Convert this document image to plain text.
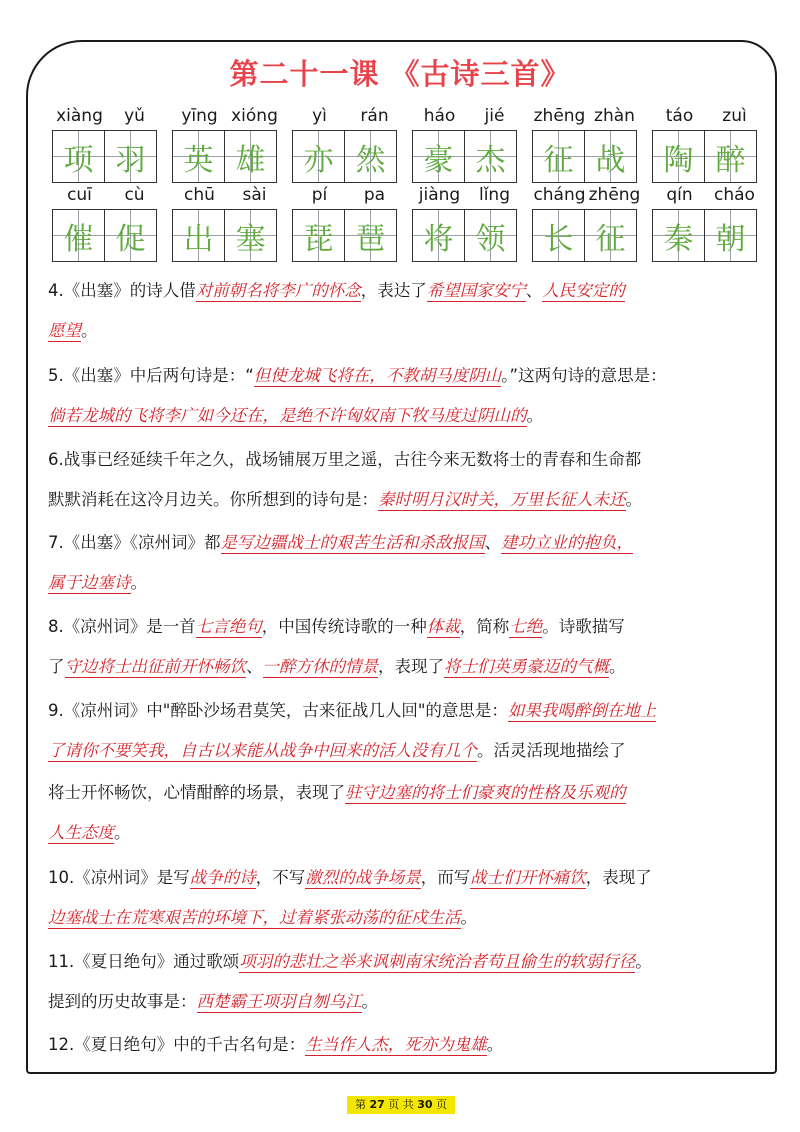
第二十一课 《古诗三首》
xiàng	yǔ
项 羽
yīng xióng
英 雄
yì	rán
亦 然
háo	jié
豪 杰
zhēng zhàn
征 战
táo	zuì
陶 醉
cuī	cù
催 促
chū	sài
出 塞
pí	pa
琵 琶
jiàng	lǐng
将 领
cháng zhēng
长 征
qín	cháo
秦 朝
4.《出塞》的诗人借对前朝名将李广的怀念，表达了希望国家安宁、人民安定的
愿望。
5.《出塞》中后两句诗是：“但使龙城飞将在，不教胡马度阴山。”这两句诗的意思是：
倘若龙城的飞将李广如今还在，是绝不许匈奴南下牧马度过阴山的。
6.战事已经延续千年之久，战场铺展万里之遥，古往今来无数将士的青春和生命都
默默消耗在这冷月边关。你所想到的诗句是：秦时明月汉时关，万里长征人未还。
7.《出塞》《凉州词》都是写边疆战士的艰苦生活和杀敌报国、建功立业的抱负，
属于边塞诗。
8.《凉州词》是一首七言绝句，中国传统诗歌的一种体裁，简称七绝。诗歌描写
了守边将士出征前开怀畅饮、一醉方休的情景，表现了将士们英勇豪迈的气概。
9.《凉州词》中"醉卧沙场君莫笑，古来征战几人回"的意思是：如果我喝醉倒在地上
了请你不要笑我，自古以来能从战争中回来的活人没有几个。活灵活现地描绘了
将士开怀畅饮，心情酣醉的场景，表现了驻守边塞的将士们豪爽的性格及乐观的
人生态度。
10.《凉州词》是写战争的诗，不写激烈的战争场景，而写战士们开怀痛饮，表现了
边塞战士在荒寒艰苦的环境下，过着紧张动荡的征戍生活。
11.《夏日绝句》通过歌颂项羽的悲壮之举来讽刺南宋统治者苟且偷生的软弱行径。
提到的历史故事是：西楚霸王项羽自刎乌江。
12.《夏日绝句》中的千古名句是：生当作人杰，死亦为鬼雄。
第 27 页 共 30 页
